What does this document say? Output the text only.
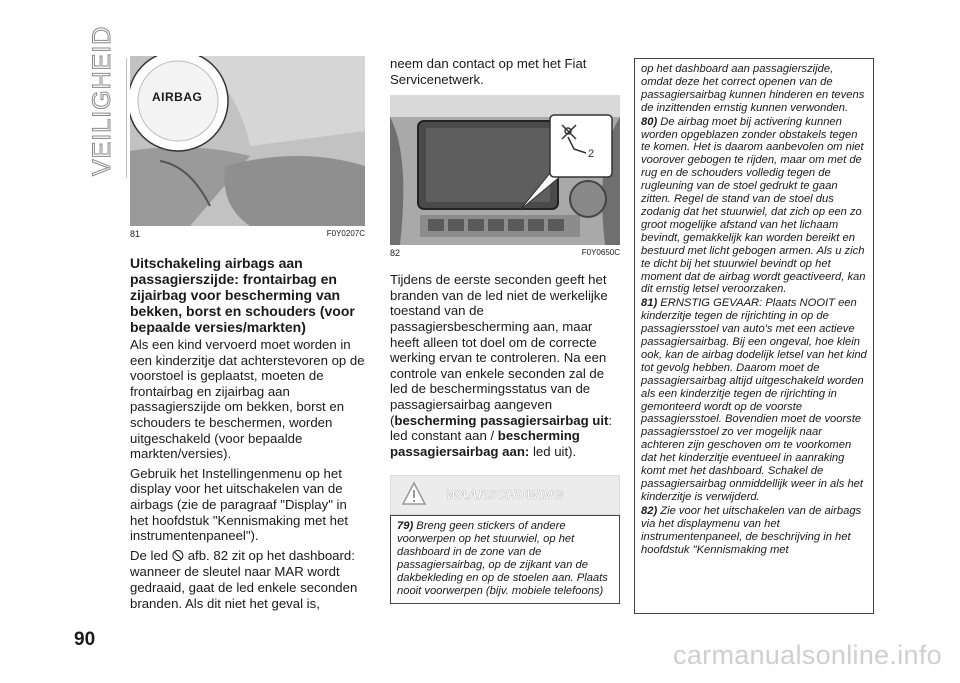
VEILIGHEID
90
AIRBAG
81	F0Y0207C
Uitschakeling airbags aan passagierszijde: frontairbag en zijairbag voor bescherming van bekken, borst en schouders (voor bepaalde versies/markten)

Als een kind vervoerd moet worden in een kinderzitje dat achterstevoren op de voorstoel is geplaatst, moeten de frontairbag en zijairbag aan passagierszijde om bekken, borst en schouders te beschermen, worden uitgeschakeld (voor bepaalde markten/versies).

Gebruik het Instellingenmenu op het display voor het uitschakelen van de airbags (zie de paragraaf "Display" in het hoofdstuk "Kennismaking met het instrumentenpaneel").

De led 🛇 afb. 82 zit op het dashboard: wanneer de sleutel naar MAR wordt gedraaid, gaat de led enkele seconden branden. Als dit niet het geval is,

neem dan contact op met het Fiat Servicenetwerk.

2
82	F0Y0650C

Tijdens de eerste seconden geeft het branden van de led niet de werkelijke toestand van de passagiersbescherming aan, maar heeft alleen tot doel om de correcte werking ervan te controleren. Na een controle van enkele seconden zal de led de beschermingsstatus van de passagiersairbag aangeven (bescherming passagiersairbag uit: led constant aan / bescherming passagiersairbag aan: led uit).

WAARSCHUWING

79) Breng geen stickers of andere voorwerpen op het stuurwiel, op het dashboard in de zone van de passagiersairbag, op de zijkant van de dakbekleding en op de stoelen aan. Plaats nooit voorwerpen (bijv. mobiele telefoons)

op het dashboard aan passagierszijde, omdat deze het correct openen van de passagiersairbag kunnen hinderen en tevens de inzittenden ernstig kunnen verwonden.

80) De airbag moet bij activering kunnen worden opgeblazen zonder obstakels tegen te komen. Het is daarom aanbevolen om niet voorover gebogen te rijden, maar om met de rug en de schouders volledig tegen de rugleuning van de stoel gedrukt te gaan zitten. Regel de stand van de stoel dus zodanig dat het stuurwiel, dat zich op een zo groot mogelijke afstand van het lichaam bevindt, gemakkelijk kan worden bereikt en bestuurd met licht gebogen armen. Als u zich te dicht bij het stuurwiel bevindt op het moment dat de airbag wordt geactiveerd, kan dit ernstig letsel veroorzaken.

81) ERNSTIG GEVAAR: Plaats NOOIT een kinderzitje tegen de rijrichting in op de passagiersstoel van auto's met een actieve passagiersairbag. Bij een ongeval, hoe klein ook, kan de airbag dodelijk letsel van het kind tot gevolg hebben. Daarom moet de passagiersairbag altijd uitgeschakeld worden als een kinderzitje tegen de rijrichting in gemonteerd wordt op de voorste passagiersstoel. Bovendien moet de voorste passagiersstoel zo ver mogelijk naar achteren zijn geschoven om te voorkomen dat het kinderzitje eventueel in aanraking komt met het dashboard. Schakel de passagiersairbag onmiddellijk weer in als het kinderzitje is verwijderd.

82) Zie voor het uitschakelen van de airbags via het displaymenu van het instrumentenpaneel, de beschrijving in het hoofdstuk "Kennismaking met

carmanualsonline.info
